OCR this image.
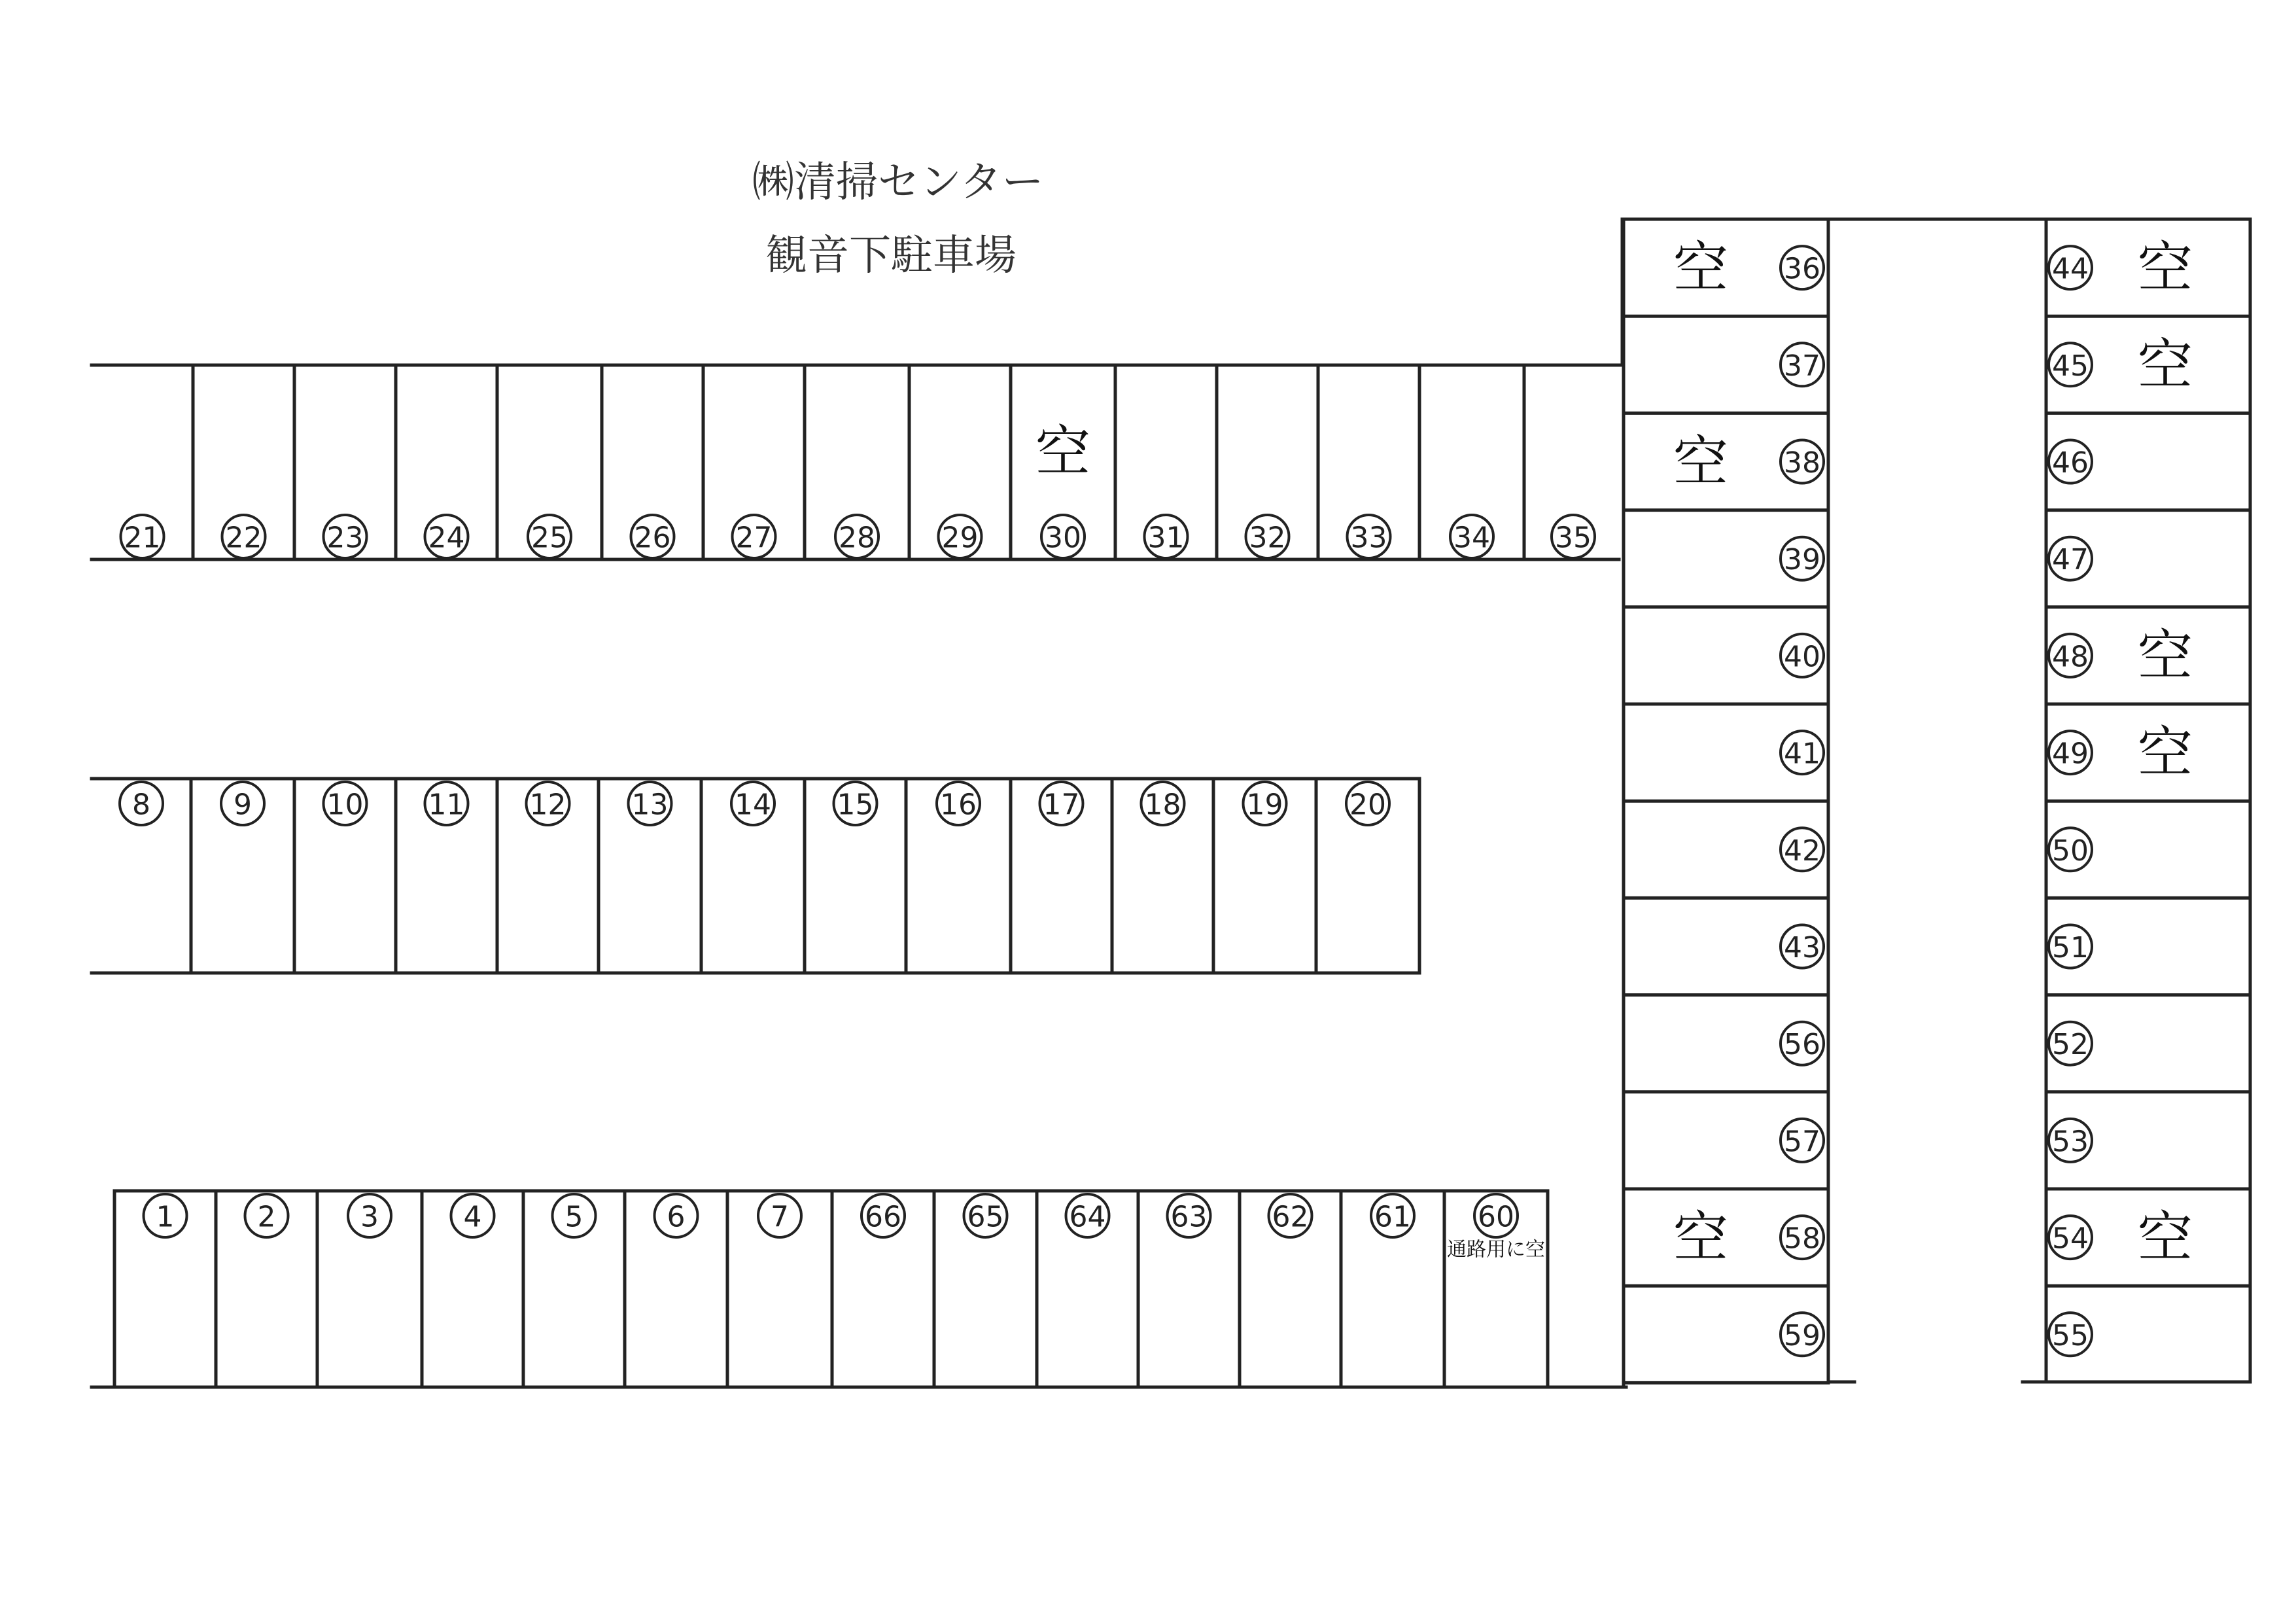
㈱清掃センター
観音下駐車場
21 22 23 24 25 26 27 28 29 30
空
31 32 33 34 35
8	9	10 11 12 13 14 15 16 17 18 19 20
1	2	3	4	5	6	7	66 65 64 63 62 61 60
通路用に空
36
空
37
38
空
39
40
41
42
43
56
57
58
空
59
44 空
45 空
46
47
48 空
49 空
50
51
52
53
54 空
55
